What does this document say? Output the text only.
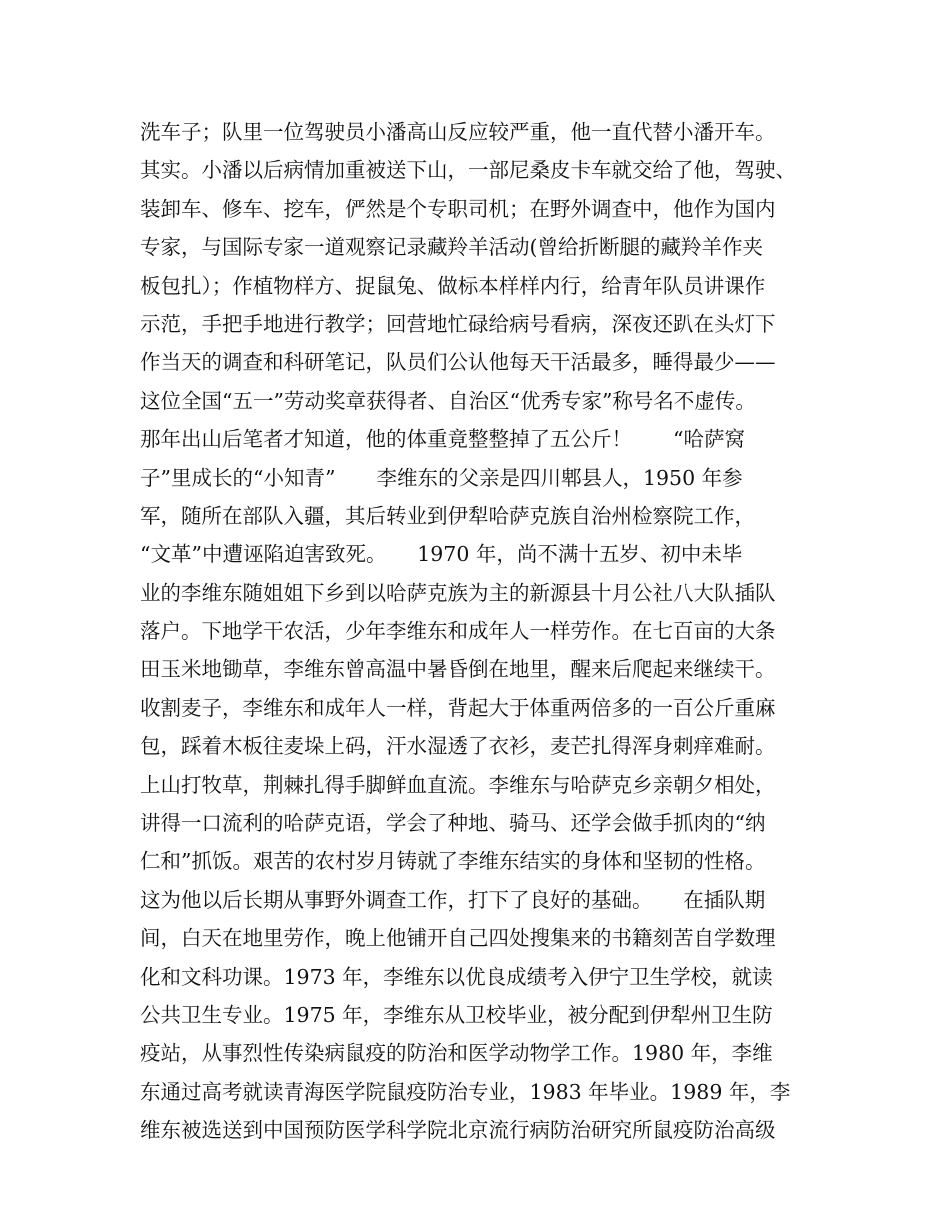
洗车子；队里一位驾驶员小潘高山反应较严重，他一直代替小潘开车。
其实。小潘以后病情加重被送下山，一部尼桑皮卡车就交给了他，驾驶、
装卸车、修车、挖车，俨然是个专职司机；在野外调查中，他作为国内
专家，与国际专家一道观察记录藏羚羊活动(曾给折断腿的藏羚羊作夹
板包扎）；作植物样方、捉鼠兔、做标本样样内行，给青年队员讲课作
示范，手把手地进行教学；回营地忙碌给病号看病，深夜还趴在头灯下
作当天的调查和科研笔记，队员们公认他每天干活最多，睡得最少——
这位全国“五一”劳动奖章获得者、自治区“优秀专家”称号名不虚传。
那年出山后笔者才知道，他的体重竟整整掉了五公斤！　　“哈萨窝
子”里成长的“小知青”　　李维东的父亲是四川郫县人，1950 年参
军，随所在部队入疆，其后转业到伊犁哈萨克族自治州检察院工作，
“文革”中遭诬陷迫害致死。　　1970 年，尚不满十五岁、初中未毕
业的李维东随姐姐下乡到以哈萨克族为主的新源县十月公社八大队插队
落户。下地学干农活，少年李维东和成年人一样劳作。在七百亩的大条
田玉米地锄草，李维东曾高温中暑昏倒在地里，醒来后爬起来继续干。
收割麦子，李维东和成年人一样，背起大于体重两倍多的一百公斤重麻
包，踩着木板往麦垛上码，汗水湿透了衣衫，麦芒扎得浑身刺痒难耐。
上山打牧草，荆棘扎得手脚鲜血直流。李维东与哈萨克乡亲朝夕相处，
讲得一口流利的哈萨克语，学会了种地、骑马、还学会做手抓肉的“纳
仁和”抓饭。艰苦的农村岁月铸就了李维东结实的身体和坚韧的性格。
这为他以后长期从事野外调查工作，打下了良好的基础。　　在插队期
间，白天在地里劳作，晚上他铺开自己四处搜集来的书籍刻苦自学数理
化和文科功课。1973 年，李维东以优良成绩考入伊宁卫生学校，就读
公共卫生专业。1975 年，李维东从卫校毕业，被分配到伊犁州卫生防
疫站，从事烈性传染病鼠疫的防治和医学动物学工作。1980 年，李维
东通过高考就读青海医学院鼠疫防治专业，1983 年毕业。1989 年，李
维东被选送到中国预防医学科学院北京流行病防治研究所鼠疫防治高级
